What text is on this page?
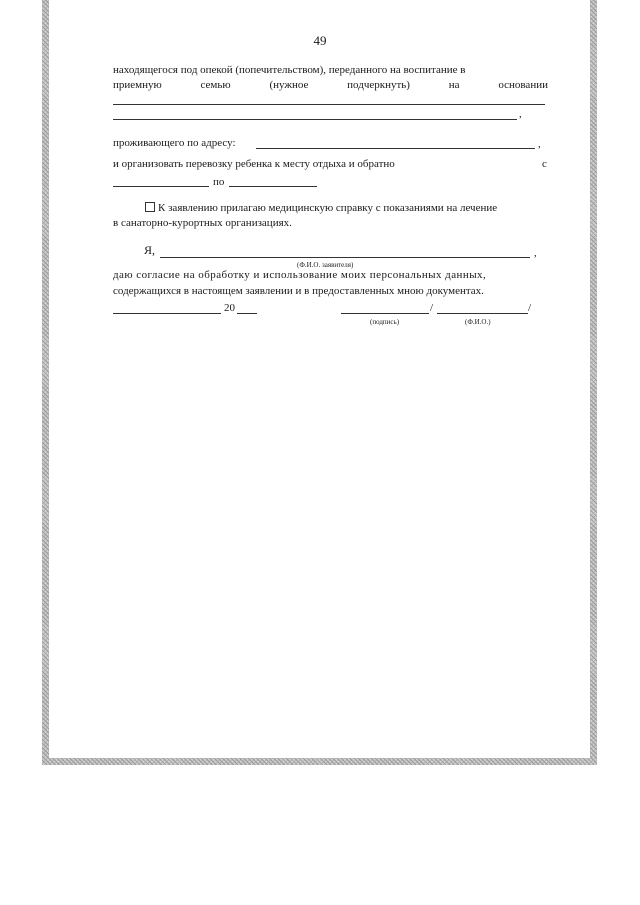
49
находящегося под опекой (попечительством), переданного на воспитание в
приемную	семью	(нужное	подчеркнуть)	на	основании
,
проживающего по адресу:	,
и организовать перевозку ребенка к месту отдыха и обратно	с
по
К заявлению прилагаю медицинскую справку с показаниями на лечение
в санаторно-курортных организациях.
Я,	,
(Ф.И.О. заявителя)
даю согласие на обработку и использование моих персональных данных,
содержащихся в настоящем заявлении и в предоставленных мною документах.
20	/	/
(подпись)	(Ф.И.О.)
